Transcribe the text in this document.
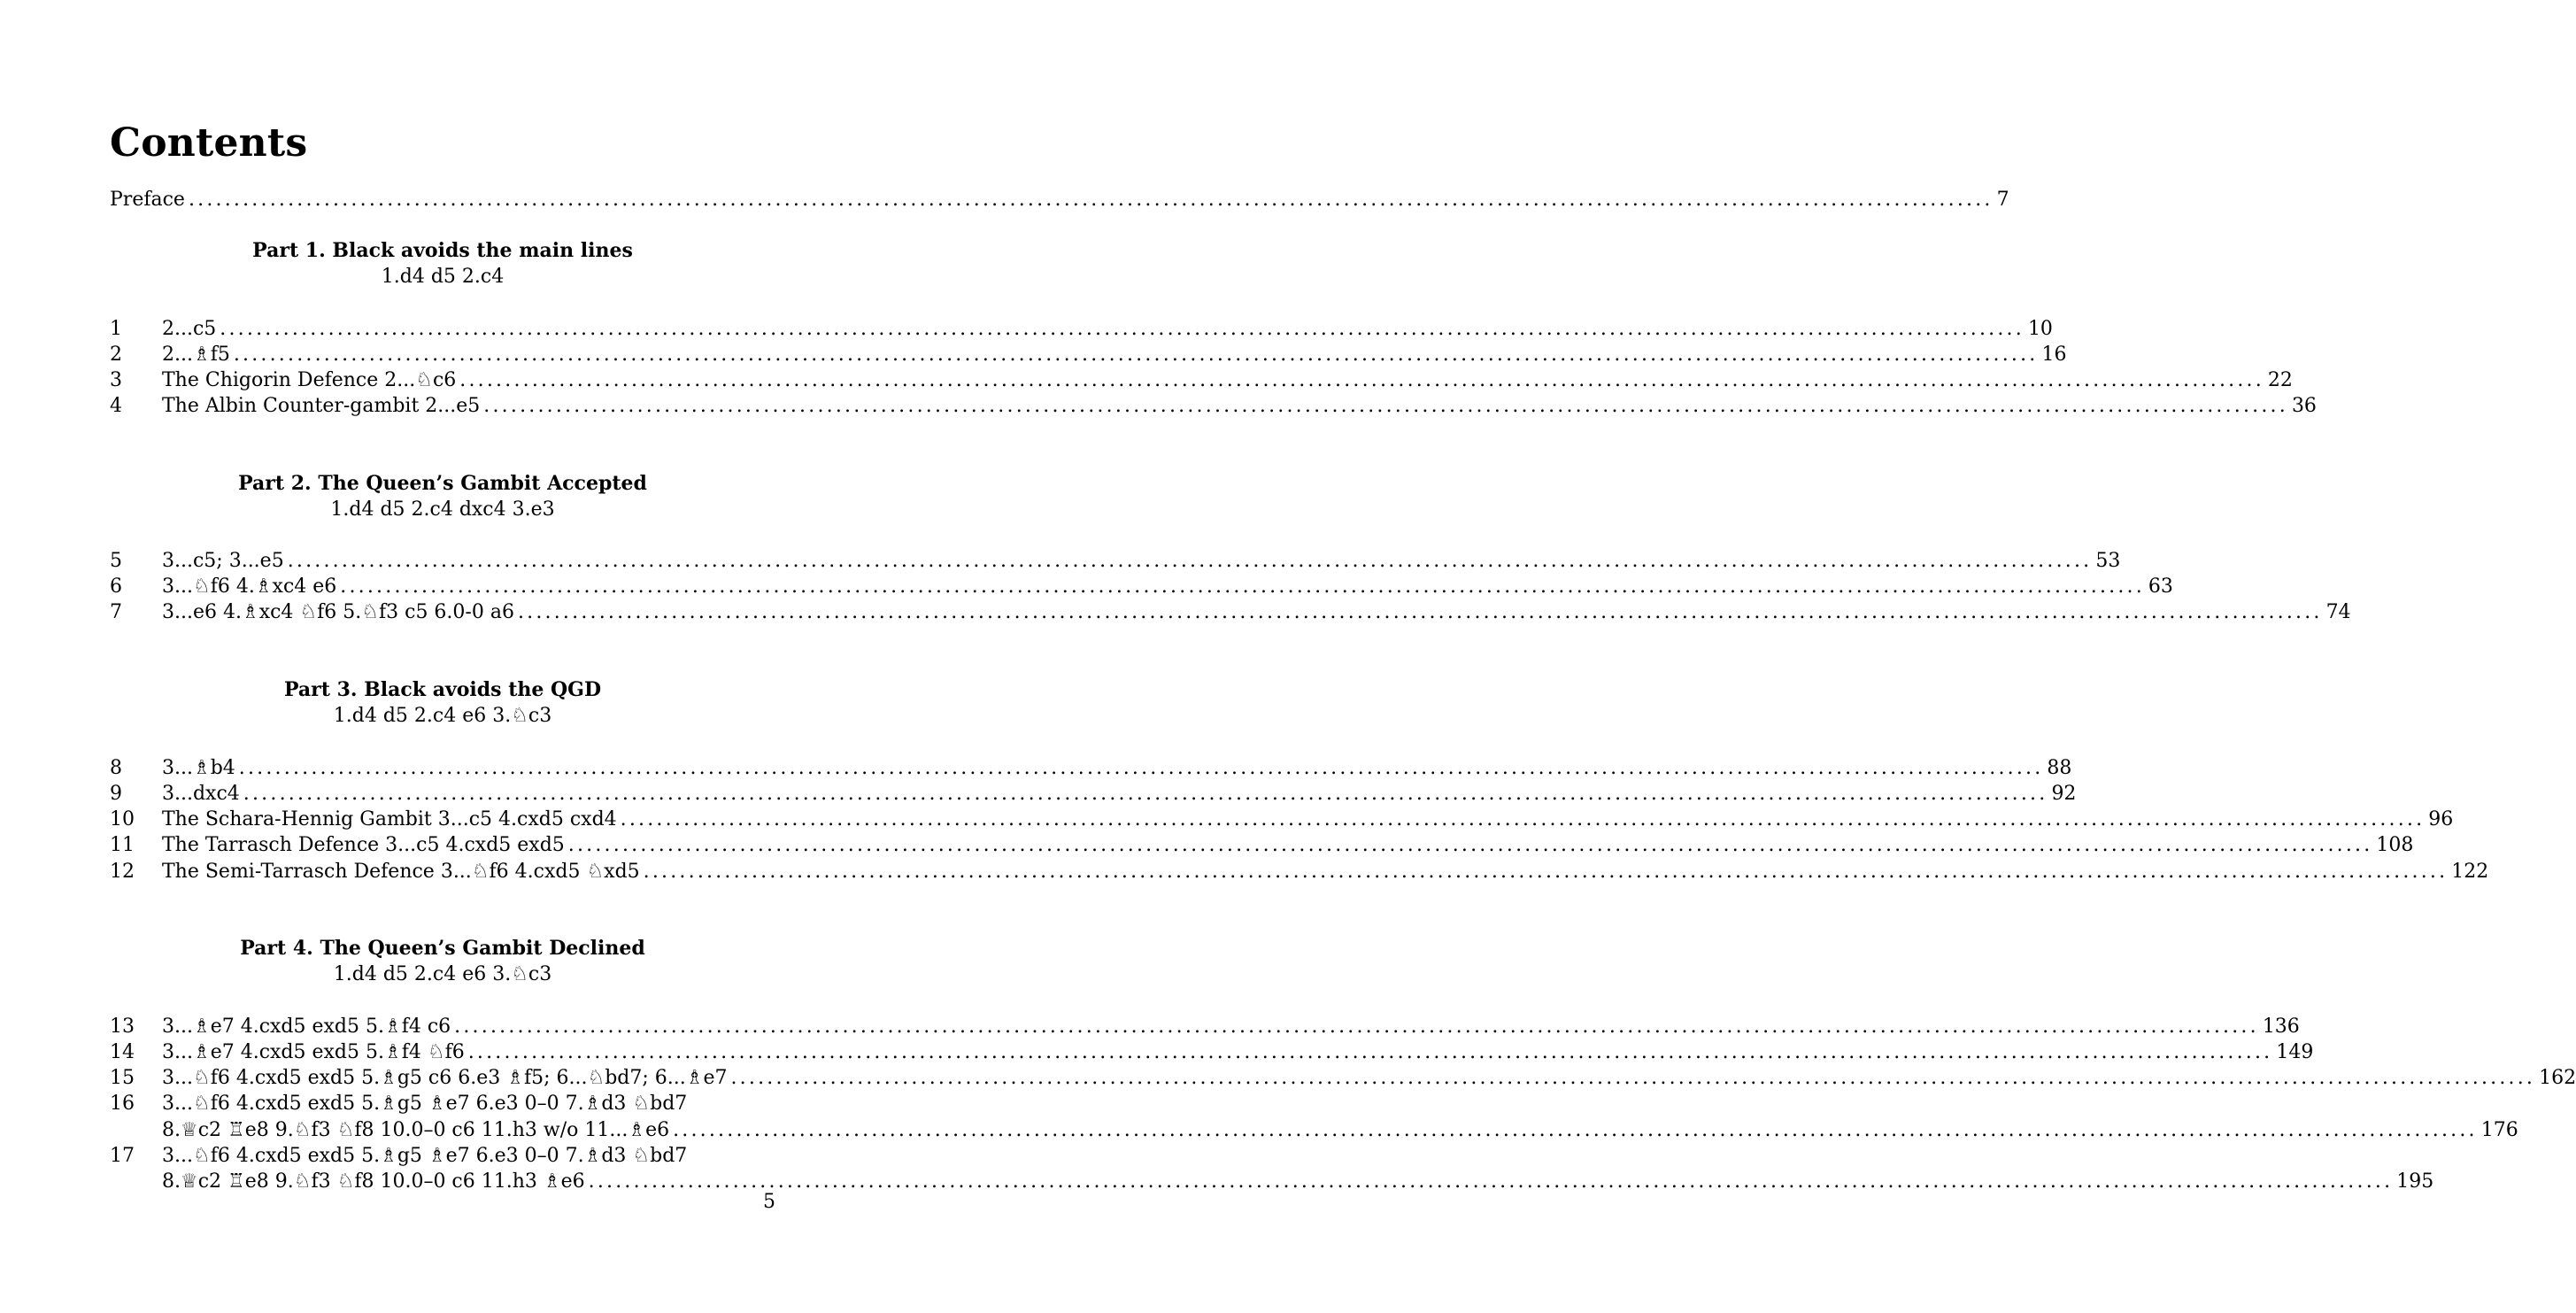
Contents
Preface ........................................................................................................................................................................................................ 7
Part 1. Black avoids the main lines
1.d4 d5 2.c4
1	2...c5 ........................................................................................................................................................................................................ 10
2	2...♗f5 ........................................................................................................................................................................................................ 16
3	The Chigorin Defence 2...♘c6 ........................................................................................................................................................................................................ 22
4	The Albin Counter-gambit 2...e5 ........................................................................................................................................................................................................ 36
Part 2. The Queen’s Gambit Accepted
1.d4 d5 2.c4 dxc4 3.e3
5	3...c5; 3...e5 ........................................................................................................................................................................................................ 53
6	3...♘f6 4.♗xc4 e6 ........................................................................................................................................................................................................ 63
7	3...e6 4.♗xc4 ♘f6 5.♘f3 c5 6.0-0 a6 ........................................................................................................................................................................................................ 74
Part 3. Black avoids the QGD
1.d4 d5 2.c4 e6 3.♘c3
8	3...♗b4 ........................................................................................................................................................................................................ 88
9	3...dxc4 ........................................................................................................................................................................................................ 92
10	The Schara-Hennig Gambit 3...c5 4.cxd5 cxd4 ........................................................................................................................................................................................................ 96
11	The Tarrasch Defence 3...c5 4.cxd5 exd5 ........................................................................................................................................................................................................ 108
12	The Semi-Tarrasch Defence 3...♘f6 4.cxd5 ♘xd5 ........................................................................................................................................................................................................ 122
Part 4. The Queen’s Gambit Declined
1.d4 d5 2.c4 e6 3.♘c3
13	3...♗e7 4.cxd5 exd5 5.♗f4 c6 ........................................................................................................................................................................................................ 136
14	3...♗e7 4.cxd5 exd5 5.♗f4 ♘f6 ........................................................................................................................................................................................................ 149
15	3...♘f6 4.cxd5 exd5 5.♗g5 c6 6.e3 ♗f5; 6...♘bd7; 6...♗e7 ........................................................................................................................................................................................................ 162
16	3...♘f6 4.cxd5 exd5 5.♗g5 ♗e7 6.e3 0–0 7.♗d3 ♘bd7
8.♕c2 ♖e8 9.♘f3 ♘f8 10.0–0 c6 11.h3 w/o 11...♗e6 ........................................................................................................................................................................................................ 176
17	3...♘f6 4.cxd5 exd5 5.♗g5 ♗e7 6.e3 0–0 7.♗d3 ♘bd7
8.♕c2 ♖e8 9.♘f3 ♘f8 10.0–0 c6 11.h3 ♗e6 ........................................................................................................................................................................................................ 195
5
